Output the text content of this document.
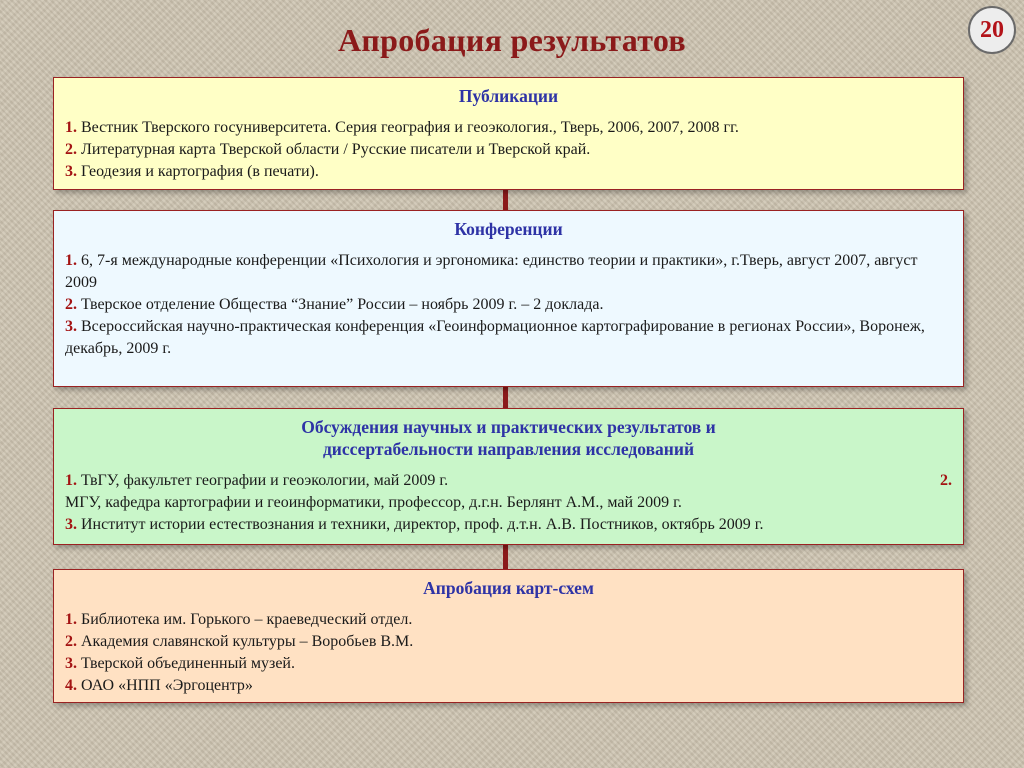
Апробация результатов	20
Публикации
1. Вестник Тверского госуниверситета. Серия география и геоэкология., Тверь, 2006, 2007, 2008 гг.
2. Литературная карта Тверской области / Русские писатели и Тверской край.
3. Геодезия и картография (в печати).
Конференции
1. 6, 7-я международные конференции «Психология и эргономика: единство теории и практики», г.Тверь, август 2007, август 2009
2. Тверское отделение Общества “Знание” России – ноябрь 2009 г. – 2 доклада.
3. Всероссийская научно-практическая конференция «Геоинформационное картографирование в регионах России», Воронеж, декабрь, 2009 г.
Обсуждения научных и практических результатов и
диссертабельности направления исследований
1. ТвГУ, факультет географии и геоэкологии, май 2009 г.	2.
МГУ, кафедра картографии и геоинформатики, профессор, д.г.н. Берлянт А.М., май 2009 г.
3. Институт истории естествознания и техники, директор, проф. д.т.н. А.В. Постников, октябрь 2009 г.
Апробация карт-схем
1. Библиотека им. Горького – краеведческий отдел.
2. Академия славянской культуры – Воробьев В.М.
3. Тверской объединенный музей.
4. ОАО «НПП «Эргоцентр»
